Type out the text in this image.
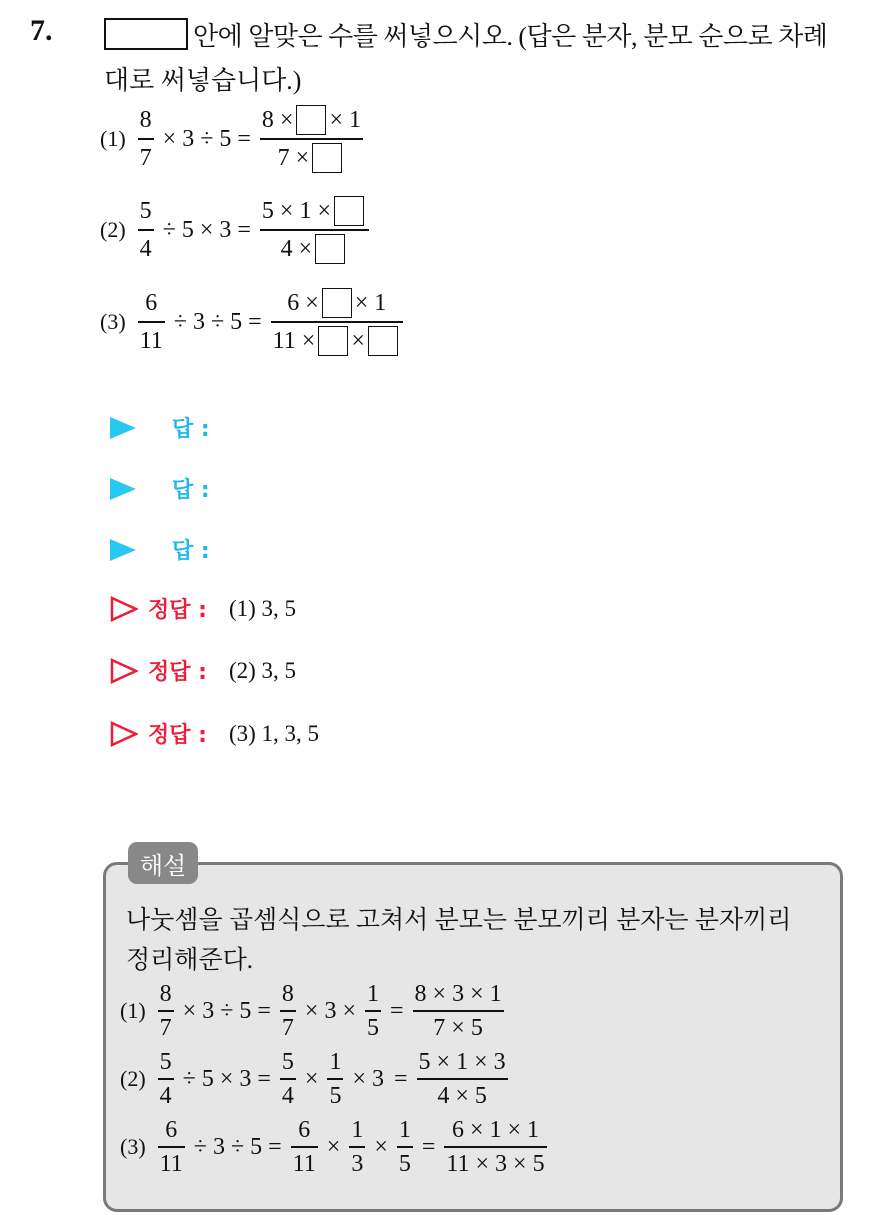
7.	안에 알맞은 수를 써넣으시오. (답은 분자, 분모 순으로 차례
대로 써넣습니다.)
$(1) \frac{8}{7} \times 3 \div 5 = \frac{8 \times \times 1}{7 \times}$
$(2) \frac{5}{4} \div 5 \times 3 = \frac{5 \times 1 \times}{4 \times}$
$(3) \frac{6}{11} \div 3 \div 5 = \frac{6 \times \times 1}{11 \times \times}$
답 :
답 :
답 :
정답 : (1) 3, 5
정답 : (2) 3, 5
정답 : (3) 1, 3, 5
해설
나눗셈을 곱셈식으로 고쳐서 분모는 분모끼리 분자는 분자끼리
정리해준다.
$(1) \frac{8}{7} \times 3 \div 5 = \frac{8}{7} \times 3 \times \frac{1}{5} = \frac{8 \times 3 \times 1}{7 \times 5}$
$(2) \frac{5}{4} \div 5 \times 3 = \frac{5}{4} \times \frac{1}{5} \times 3 = \frac{5 \times 1 \times 3}{4 \times 5}$
$(3) \frac{6}{11} \div 3 \div 5 = \frac{6}{11} \times \frac{1}{3} \times \frac{1}{5} = \frac{6 \times 1 \times 1}{11 \times 3 \times 5}$
